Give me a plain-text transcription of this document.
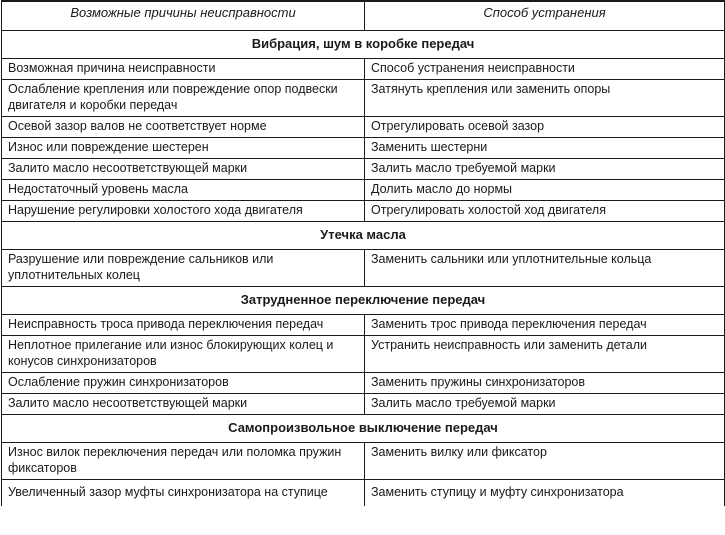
Возможные причины неисправности	Способ устранения
Вибрация, шум в коробке передач	
Возможная причина неисправности	Способ устранения неисправности
Ослабление крепления или повреждение опор подвески двигателя и коробки передач	Затянуть крепления или заменить опоры
Осевой зазор валов не соответствует норме	Отрегулировать осевой зазор
Износ или повреждение шестерен	Заменить шестерни
Залито масло несоответствующей марки	Залить масло требуемой марки
Недостаточный уровень масла	Долить масло до нормы
Нарушение регулировки холостого хода двигателя	Отрегулировать холостой ход двигателя
Утечка масла	
Разрушение или повреждение сальников или уплотнительных колец	Заменить сальники или уплотнительные кольца
Затрудненное переключение передач	
Неисправность троса привода переключения передач	Заменить трос привода переключения передач
Неплотное прилегание или износ блокирующих колец и конусов синхронизаторов	Устранить неисправность или заменить детали
Ослабление пружин синхронизаторов	Заменить пружины синхронизаторов
Залито масло несоответствующей марки	Залить масло требуемой марки
Самопроизвольное выключение передач	
Износ вилок переключения передач или поломка пружин фиксаторов	Заменить вилку или фиксатор
Увеличенный зазор муфты синхронизатора на ступице	Заменить ступицу и муфту синхронизатора
